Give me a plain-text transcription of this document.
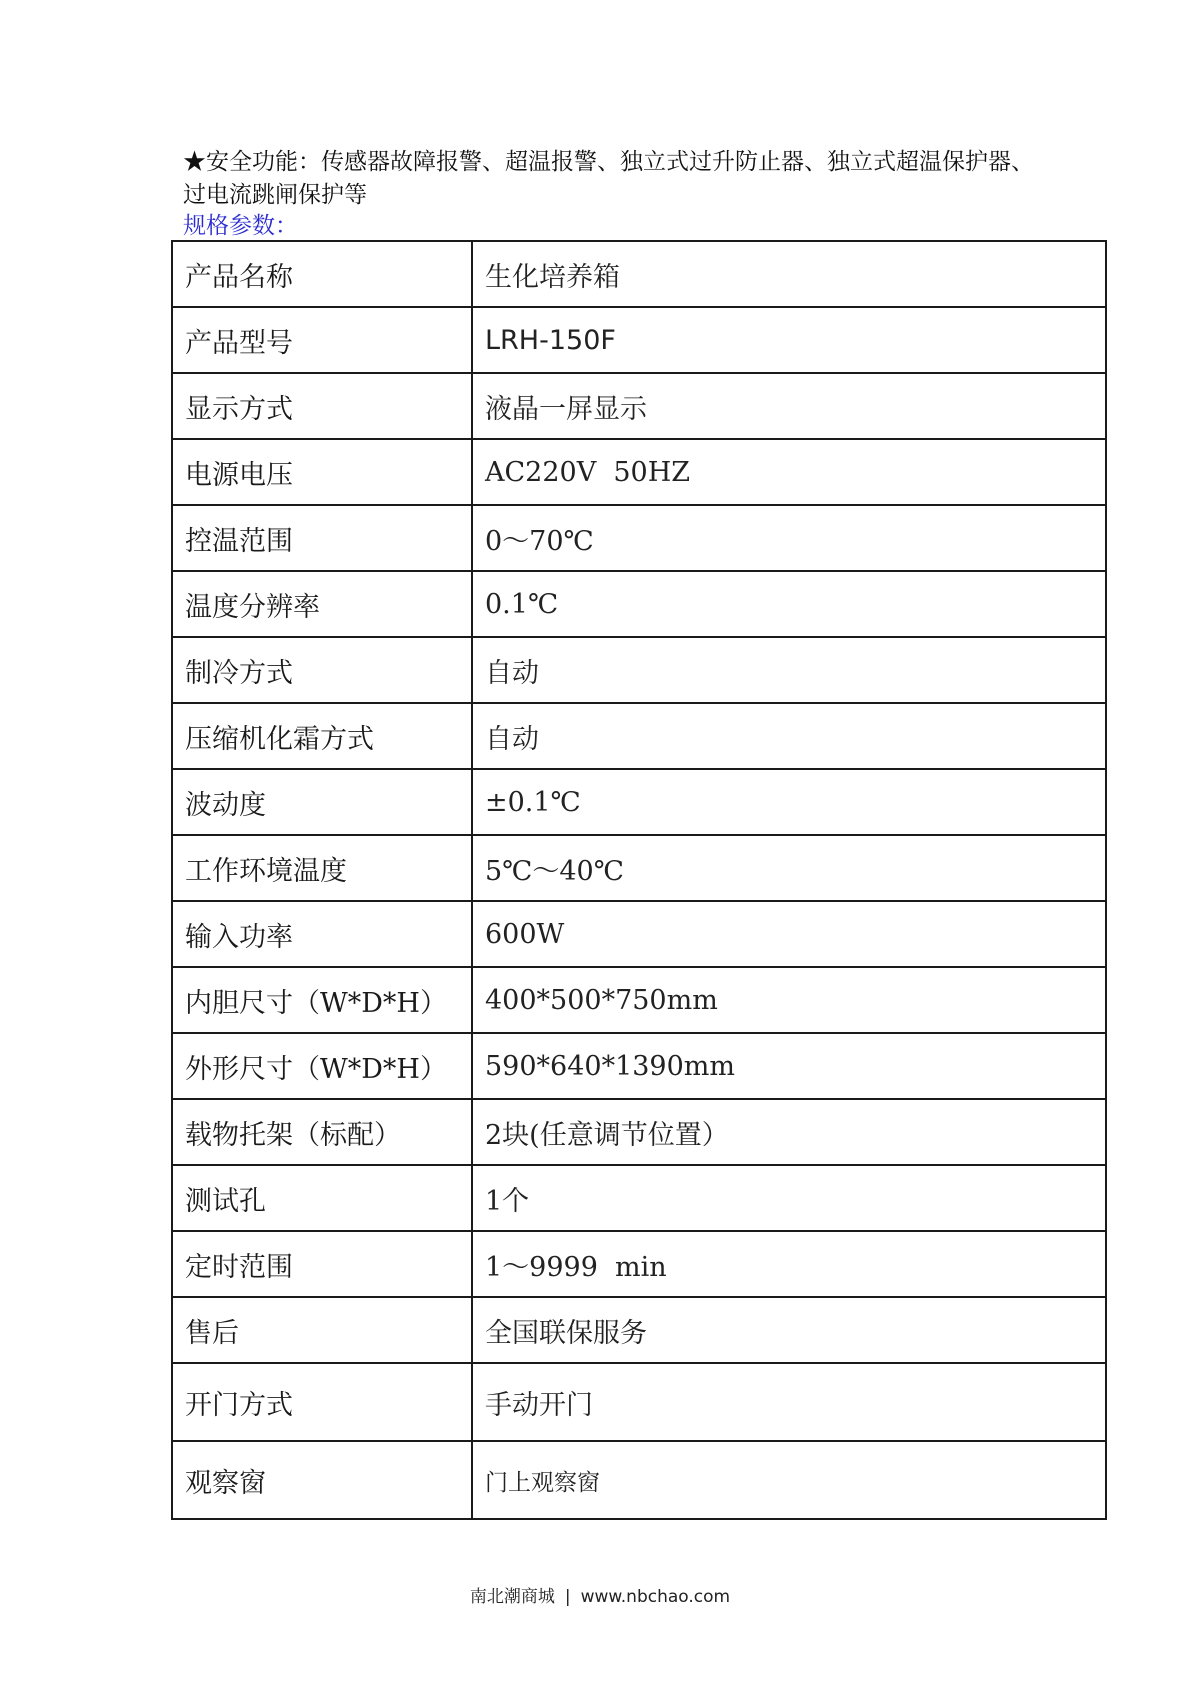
★安全功能：传感器故障报警、超温报警、独立式过升防止器、独立式超温保护器、过电流跳闸保护等
规格参数：
产品名称	生化培养箱
产品型号	LRH-150F
显示方式	液晶一屏显示
电源电压	AC220V  50HZ
控温范围	0～70℃
温度分辨率	0.1℃
制冷方式	自动
压缩机化霜方式	自动
波动度	±0.1℃
工作环境温度	5℃～40℃
输入功率	600W
内胆尺寸（W*D*H）	400*500*750mm
外形尺寸（W*D*H）	590*640*1390mm
载物托架（标配）	2块(任意调节位置）
测试孔	1个
定时范围	1～9999  min
售后	全国联保服务
开门方式	手动开门
观察窗	门上观察窗
南北潮商城 | www.nbchao.com
